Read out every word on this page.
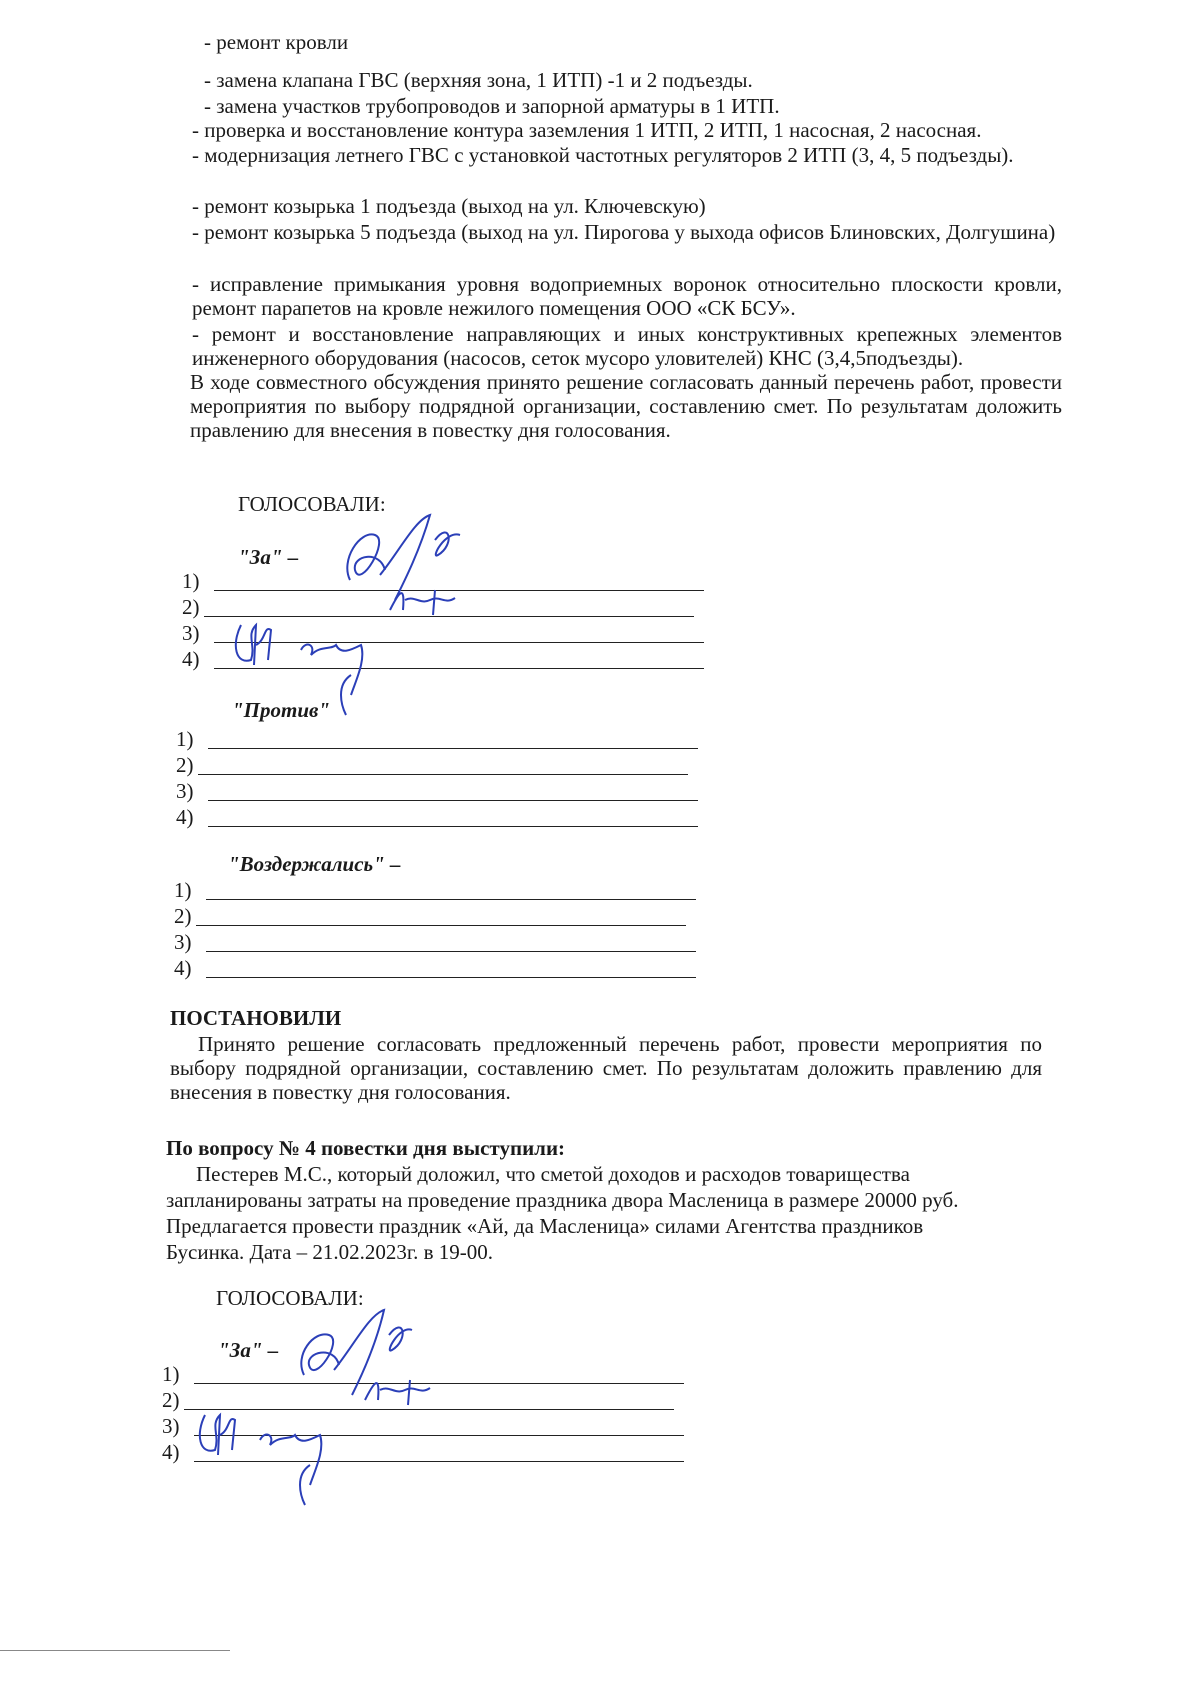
- ремонт кровли
- замена клапана ГВС (верхняя зона, 1 ИТП) -1 и 2 подъезды.
- замена участков трубопроводов и запорной арматуры в 1 ИТП.
- проверка и восстановление контура заземления 1 ИТП, 2 ИТП, 1 насосная, 2 насосная.
- модернизация летнего ГВС с установкой частотных регуляторов 2 ИТП (3, 4, 5 подъезды).
- ремонт козырька 1 подъезда (выход на ул. Ключевскую)
- ремонт козырька 5 подъезда (выход на ул. Пирогова у выхода офисов Блиновских, Долгушина)
- исправление примыкания уровня водоприемных воронок относительно плоскости кровли, ремонт парапетов на кровле нежилого помещения ООО «СК БСУ».
- ремонт и восстановление направляющих и иных конструктивных крепежных элементов инженерного оборудования (насосов, сеток мусоро уловителей) КНС (3,4,5подъезды).
В ходе совместного обсуждения принято решение согласовать данный перечень работ, провести мероприятия по выбору подрядной организации, составлению смет. По результатам доложить правлению для внесения в повестку дня голосования.
ГОЛОСОВАЛИ:
"За" –
1)
2)
3)
4)
"Против"
1)
2)
3)
4)
"Воздержались" –
1)
2)
3)
4)
ПОСТАНОВИЛИ
Принято решение согласовать предложенный перечень работ, провести мероприятия по выбору подрядной организации, составлению смет. По результатам доложить правлению для внесения в повестку дня голосования.
По вопросу № 4 повестки дня выступили:
Пестерев М.С., который доложил, что сметой доходов и расходов товарищества
запланированы затраты на проведение праздника двора Масленица в размере 20000 руб.
Предлагается провести праздник «Ай, да Масленица» силами Агентства праздников
Бусинка. Дата – 21.02.2023г. в 19-00.
ГОЛОСОВАЛИ:
"За" –
1)
2)
3)
4)
